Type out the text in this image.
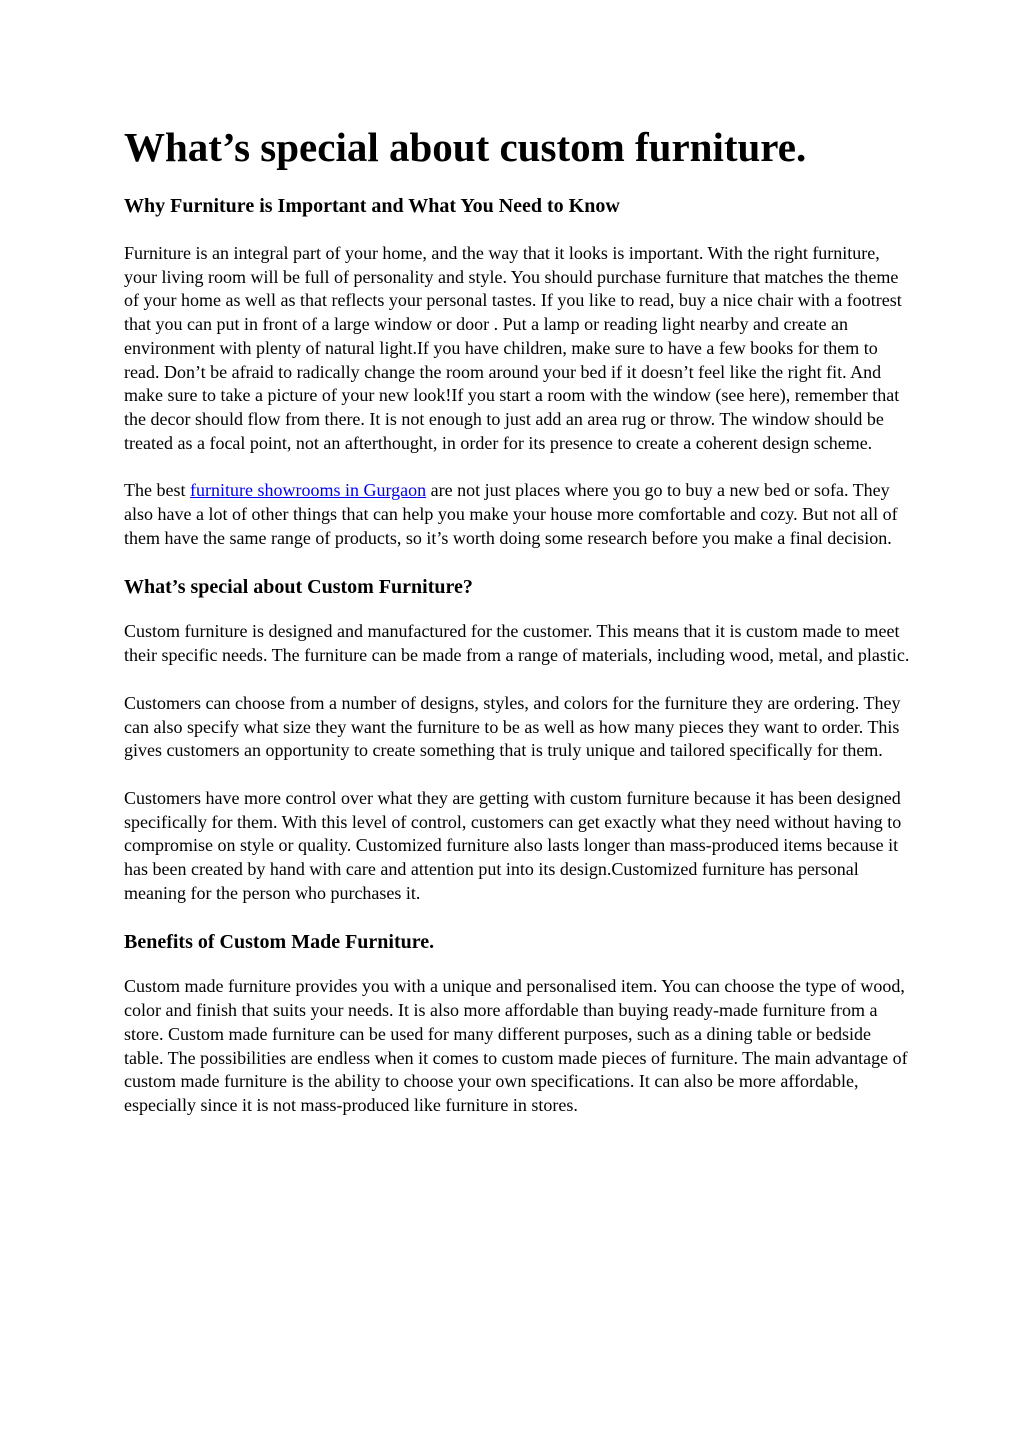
What’s special about custom furniture.
Why Furniture is Important and What You Need to Know

Furniture is an integral part of your home, and the way that it looks is important. With the right furniture, your living room will be full of personality and style. You should purchase furniture that matches the theme of your home as well as that reflects your personal tastes. If you like to read, buy a nice chair with a footrest that you can put in front of a large window or door . Put a lamp or reading light nearby and create an environment with plenty of natural light.If you have children, make sure to have a few books for them to read. Don’t be afraid to radically change the room around your bed if it doesn’t feel like the right fit. And make sure to take a picture of your new look!If you start a room with the window (see here), remember that the decor should flow from there. It is not enough to just add an area rug or throw. The window should be treated as a focal point, not an afterthought, in order for its presence to create a coherent design scheme.

The best furniture showrooms in Gurgaon are not just places where you go to buy a new bed or sofa. They also have a lot of other things that can help you make your house more comfortable and cozy. But not all of them have the same range of products, so it’s worth doing some research before you make a final decision.

What’s special about Custom Furniture?

Custom furniture is designed and manufactured for the customer. This means that it is custom made to meet their specific needs. The furniture can be made from a range of materials, including wood, metal, and plastic.

Customers can choose from a number of designs, styles, and colors for the furniture they are ordering. They can also specify what size they want the furniture to be as well as how many pieces they want to order. This gives customers an opportunity to create something that is truly unique and tailored specifically for them.

Customers have more control over what they are getting with custom furniture because it has been designed specifically for them. With this level of control, customers can get exactly what they need without having to compromise on style or quality. Customized furniture also lasts longer than mass-produced items because it has been created by hand with care and attention put into its design.Customized furniture has personal meaning for the person who purchases it.

Benefits of Custom Made Furniture.

Custom made furniture provides you with a unique and personalised item. You can choose the type of wood, color and finish that suits your needs. It is also more affordable than buying ready-made furniture from a store. Custom made furniture can be used for many different purposes, such as a dining table or bedside table. The possibilities are endless when it comes to custom made pieces of furniture. The main advantage of custom made furniture is the ability to choose your own specifications. It can also be more affordable, especially since it is not mass-produced like furniture in stores.
